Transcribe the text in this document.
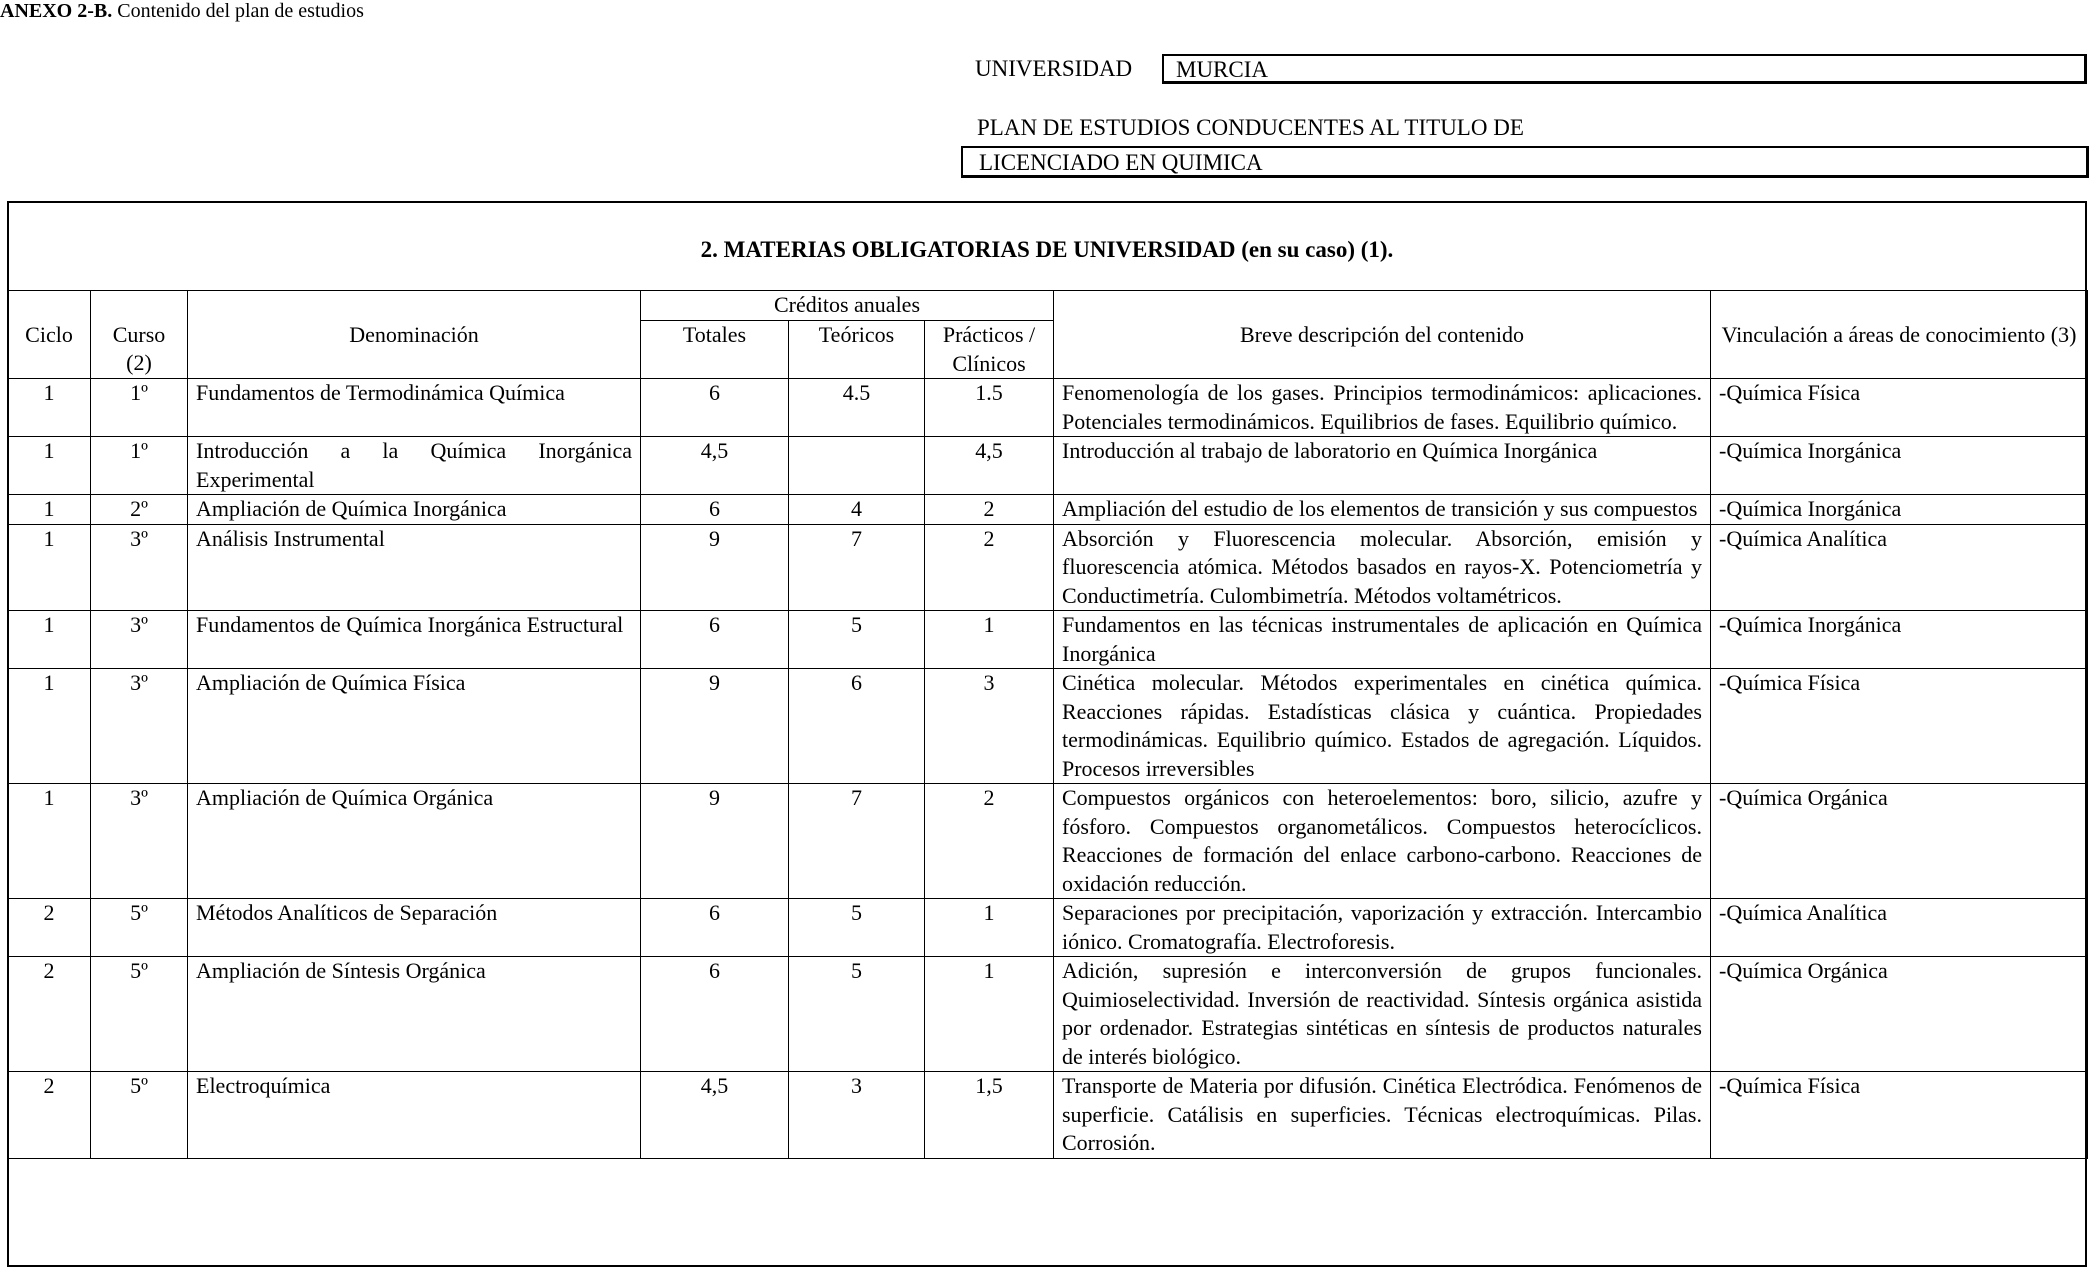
ANEXO 2-B. Contenido del plan de estudios
UNIVERSIDAD	MURCIA
PLAN DE ESTUDIOS CONDUCENTES AL TITULO DE
LICENCIADO EN QUIMICA
2. MATERIAS OBLIGATORIAS DE UNIVERSIDAD (en su caso) (1).
			Créditos anuales				
Ciclo	Curso (2)	Denominación	Totales	Teóricos	Prácticos / Clínicos	Breve descripción del contenido	Vinculación a áreas de conocimiento (3)
1	1º	Fundamentos de Termodinámica Química	6	4.5	1.5	Fenomenología de los gases. Principios termodinámicos: aplicaciones. Potenciales termodinámicos. Equilibrios de fases. Equilibrio químico.	-Química Física
1	1º	Introducción a la Química Inorgánica Experimental	4,5		4,5	Introducción al trabajo de laboratorio en Química Inorgánica	-Química Inorgánica
1	2º	Ampliación de Química Inorgánica	6	4	2	Ampliación del estudio de los elementos de transición y sus compuestos	-Química Inorgánica
1	3º	Análisis Instrumental	9	7	2	Absorción y Fluorescencia molecular. Absorción, emisión y fluorescencia atómica. Métodos basados en rayos-X. Potenciometría y Conductimetría. Culombimetría. Métodos voltamétricos.	-Química Analítica
1	3º	Fundamentos de Química Inorgánica Estructural	6	5	1	Fundamentos en las técnicas instrumentales de aplicación en Química Inorgánica	-Química Inorgánica
1	3º	Ampliación de Química Física	9	6	3	Cinética molecular. Métodos experimentales en cinética química. Reacciones rápidas. Estadísticas clásica y cuántica. Propiedades termodinámicas. Equilibrio químico. Estados de agregación. Líquidos. Procesos irreversibles	-Química Física
1	3º	Ampliación de Química Orgánica	9	7	2	Compuestos orgánicos con heteroelementos: boro, silicio, azufre y fósforo. Compuestos organometálicos. Compuestos heterocíclicos. Reacciones de formación del enlace carbono-carbono. Reacciones de oxidación reducción.	-Química Orgánica
2	5º	Métodos Analíticos de Separación	6	5	1	Separaciones por precipitación, vaporización y extracción. Intercambio iónico. Cromatografía. Electroforesis.	-Química Analítica
2	5º	Ampliación de Síntesis Orgánica	6	5	1	Adición, supresión e interconversión de grupos funcionales. Quimioselectividad. Inversión de reactividad. Síntesis orgánica asistida por ordenador. Estrategias sintéticas en síntesis de productos naturales de interés biológico.	-Química Orgánica
2	5º	Electroquímica	4,5	3	1,5	Transporte de Materia por difusión. Cinética Electródica. Fenómenos de superficie. Catálisis en superficies. Técnicas electroquímicas. Pilas. Corrosión.	-Química Física
